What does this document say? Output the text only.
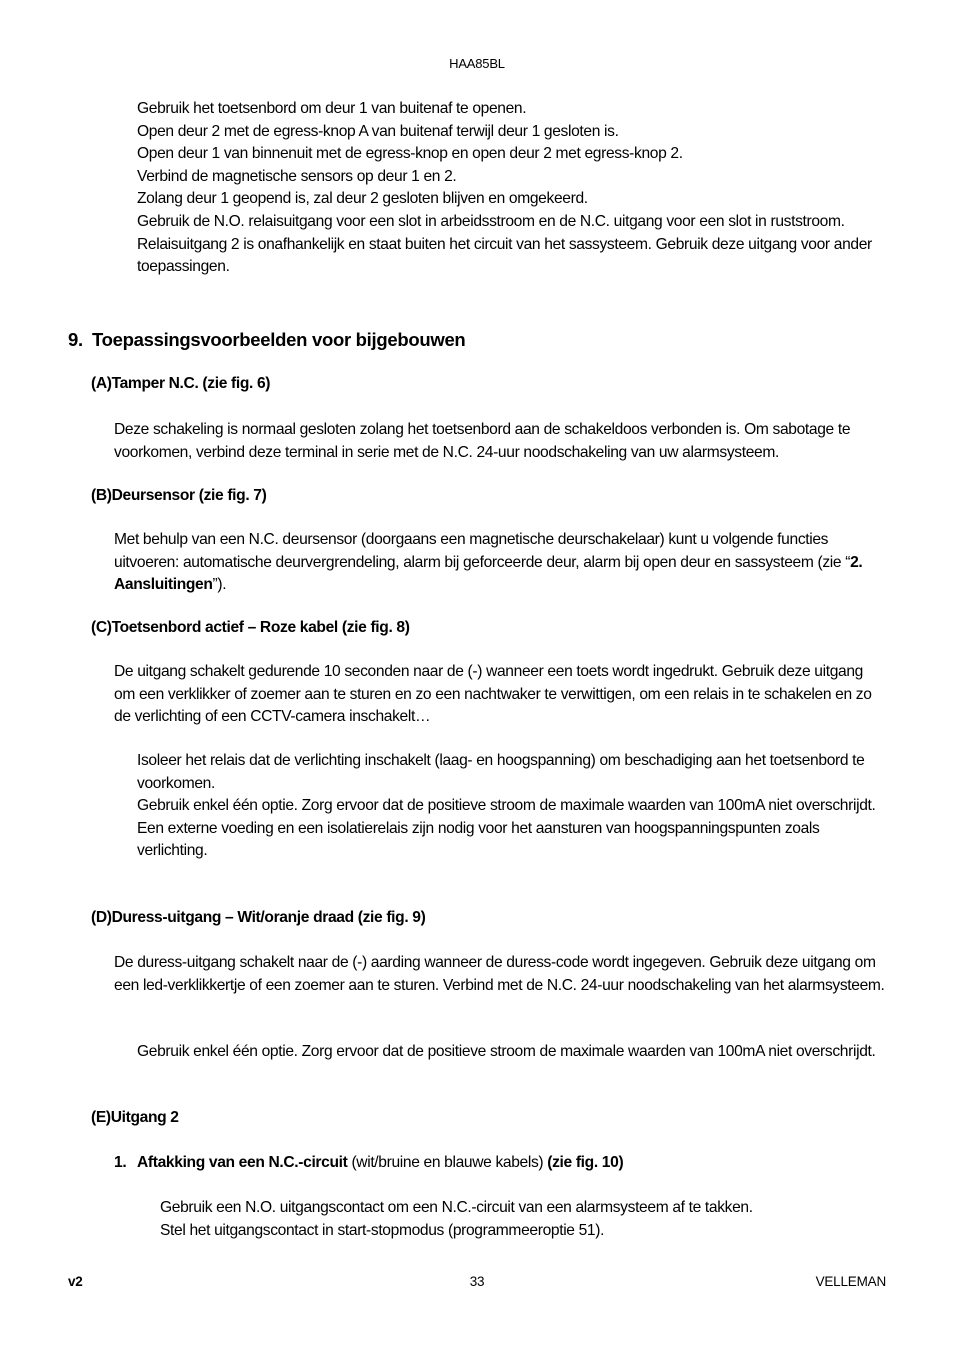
HAA85BL

Gebruik het toetsenbord om deur 1 van buitenaf te openen.

Open deur 2 met de egress-knop A van buitenaf terwijl deur 1 gesloten is.

Open deur 1 van binnenuit met de egress-knop en open deur 2 met egress-knop 2.

Verbind de magnetische sensors op deur 1 en 2.

Zolang deur 1 geopend is, zal deur 2 gesloten blijven en omgekeerd.

Gebruik de N.O. relaisuitgang voor een slot in arbeidsstroom en de N.C. uitgang voor een slot in ruststroom.

Relaisuitgang 2 is onafhankelijk en staat buiten het circuit van het sassysteem. Gebruik deze uitgang voor ander toepassingen.

9. Toepassingsvoorbeelden voor bijgebouwen
(A)Tamper N.C. (zie fig. 6)
Deze schakeling is normaal gesloten zolang het toetsenbord aan de schakeldoos verbonden is. Om sabotage te voorkomen, verbind deze terminal in serie met de N.C. 24-uur noodschakeling van uw alarmsysteem.
(B)Deursensor (zie fig. 7)
Met behulp van een N.C. deursensor (doorgaans een magnetische deurschakelaar) kunt u volgende functies uitvoeren: automatische deurvergrendeling, alarm bij geforceerde deur, alarm bij open deur en sassysteem (zie “2. Aansluitingen”).
(C)Toetsenbord actief – Roze kabel (zie fig. 8)
De uitgang schakelt gedurende 10 seconden naar de (-) wanneer een toets wordt ingedrukt. Gebruik deze uitgang om een verklikker of zoemer aan te sturen en zo een nachtwaker te verwittigen, om een relais in te schakelen en zo de verlichting of een CCTV-camera inschakelt…

Isoleer het relais dat de verlichting inschakelt (laag- en hoogspanning) om beschadiging aan het toetsenbord te voorkomen.

Gebruik enkel één optie. Zorg ervoor dat de positieve stroom de maximale waarden van 100mA niet overschrijdt.

Een externe voeding en een isolatierelais zijn nodig voor het aansturen van hoogspanningspunten zoals verlichting.

(D)Duress-uitgang – Wit/oranje draad (zie fig. 9)
De duress-uitgang schakelt naar de (-) aarding wanneer de duress-code wordt ingegeven. Gebruik deze uitgang om een led-verklikkertje of een zoemer aan te sturen. Verbind met de N.C. 24-uur noodschakeling van het alarmsysteem.
Gebruik enkel één optie. Zorg ervoor dat de positieve stroom de maximale waarden van 100mA niet overschrijdt.
(E)Uitgang 2
1. Aftakking van een N.C.-circuit (wit/bruine en blauwe kabels) (zie fig. 10)

Gebruik een N.O. uitgangscontact om een N.C.-circuit van een alarmsysteem af te takken.

Stel het uitgangscontact in start-stopmodus (programmeeroptie 51).

v2	33	VELLEMAN
